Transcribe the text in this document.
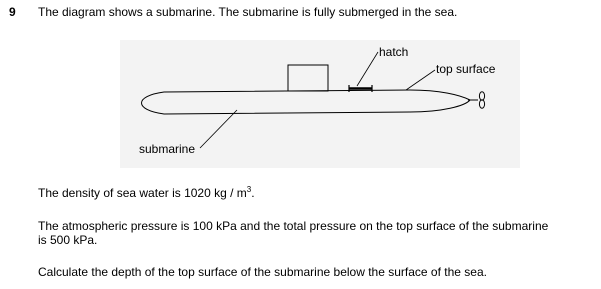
9 The diagram shows a submarine. The submarine is fully submerged in the sea.
hatch
top surface
submarine
The density of sea water is 1020 kg / $m^3$.
The atmospheric pressure is 100 kPa and the total pressure on the top surface of the submarine
is 500 kPa.
Calculate the depth of the top surface of the submarine below the surface of the sea.
